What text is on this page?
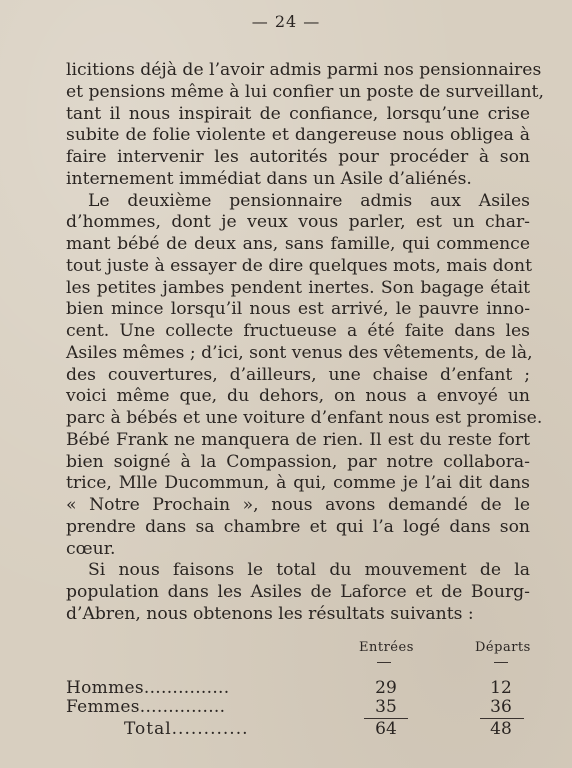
— 24 —
licitions déjà de l’avoir admis parmi nos pensionnaires
et pensions même à lui confier un poste de surveillant,
tant il nous inspirait de confiance, lorsqu’une crise
subite de folie violente et dangereuse nous obligea à
faire intervenir les autorités pour procéder à son
internement immédiat dans un Asile d’aliénés.
Le deuxième pensionnaire admis aux Asiles
d’hommes, dont je veux vous parler, est un char-
mant bébé de deux ans, sans famille, qui commence
tout juste à essayer de dire quelques mots, mais dont
les petites jambes pendent inertes. Son bagage était
bien mince lorsqu’il nous est arrivé, le pauvre inno-
cent. Une collecte fructueuse a été faite dans les
Asiles mêmes ; d’ici, sont venus des vêtements, de là,
des couvertures, d’ailleurs, une chaise d’enfant ;
voici même que, du dehors, on nous a envoyé un
parc à bébés et une voiture d’enfant nous est promise.
Bébé Frank ne manquera de rien. Il est du reste fort
bien soigné à la Compassion, par notre collabora-
trice, Mlle Ducommun, à qui, comme je l’ai dit dans
« Notre Prochain », nous avons demandé de le
prendre dans sa chambre et qui l’a logé dans son
cœur.
Si nous faisons le total du mouvement de la
population dans les Asiles de Laforce et de Bourg-
d’Abren, nous obtenons les résultats suivants :
Entrées	Départs
Hommes...............	29	12
Femmes...............	35	36
Total............	64	48
